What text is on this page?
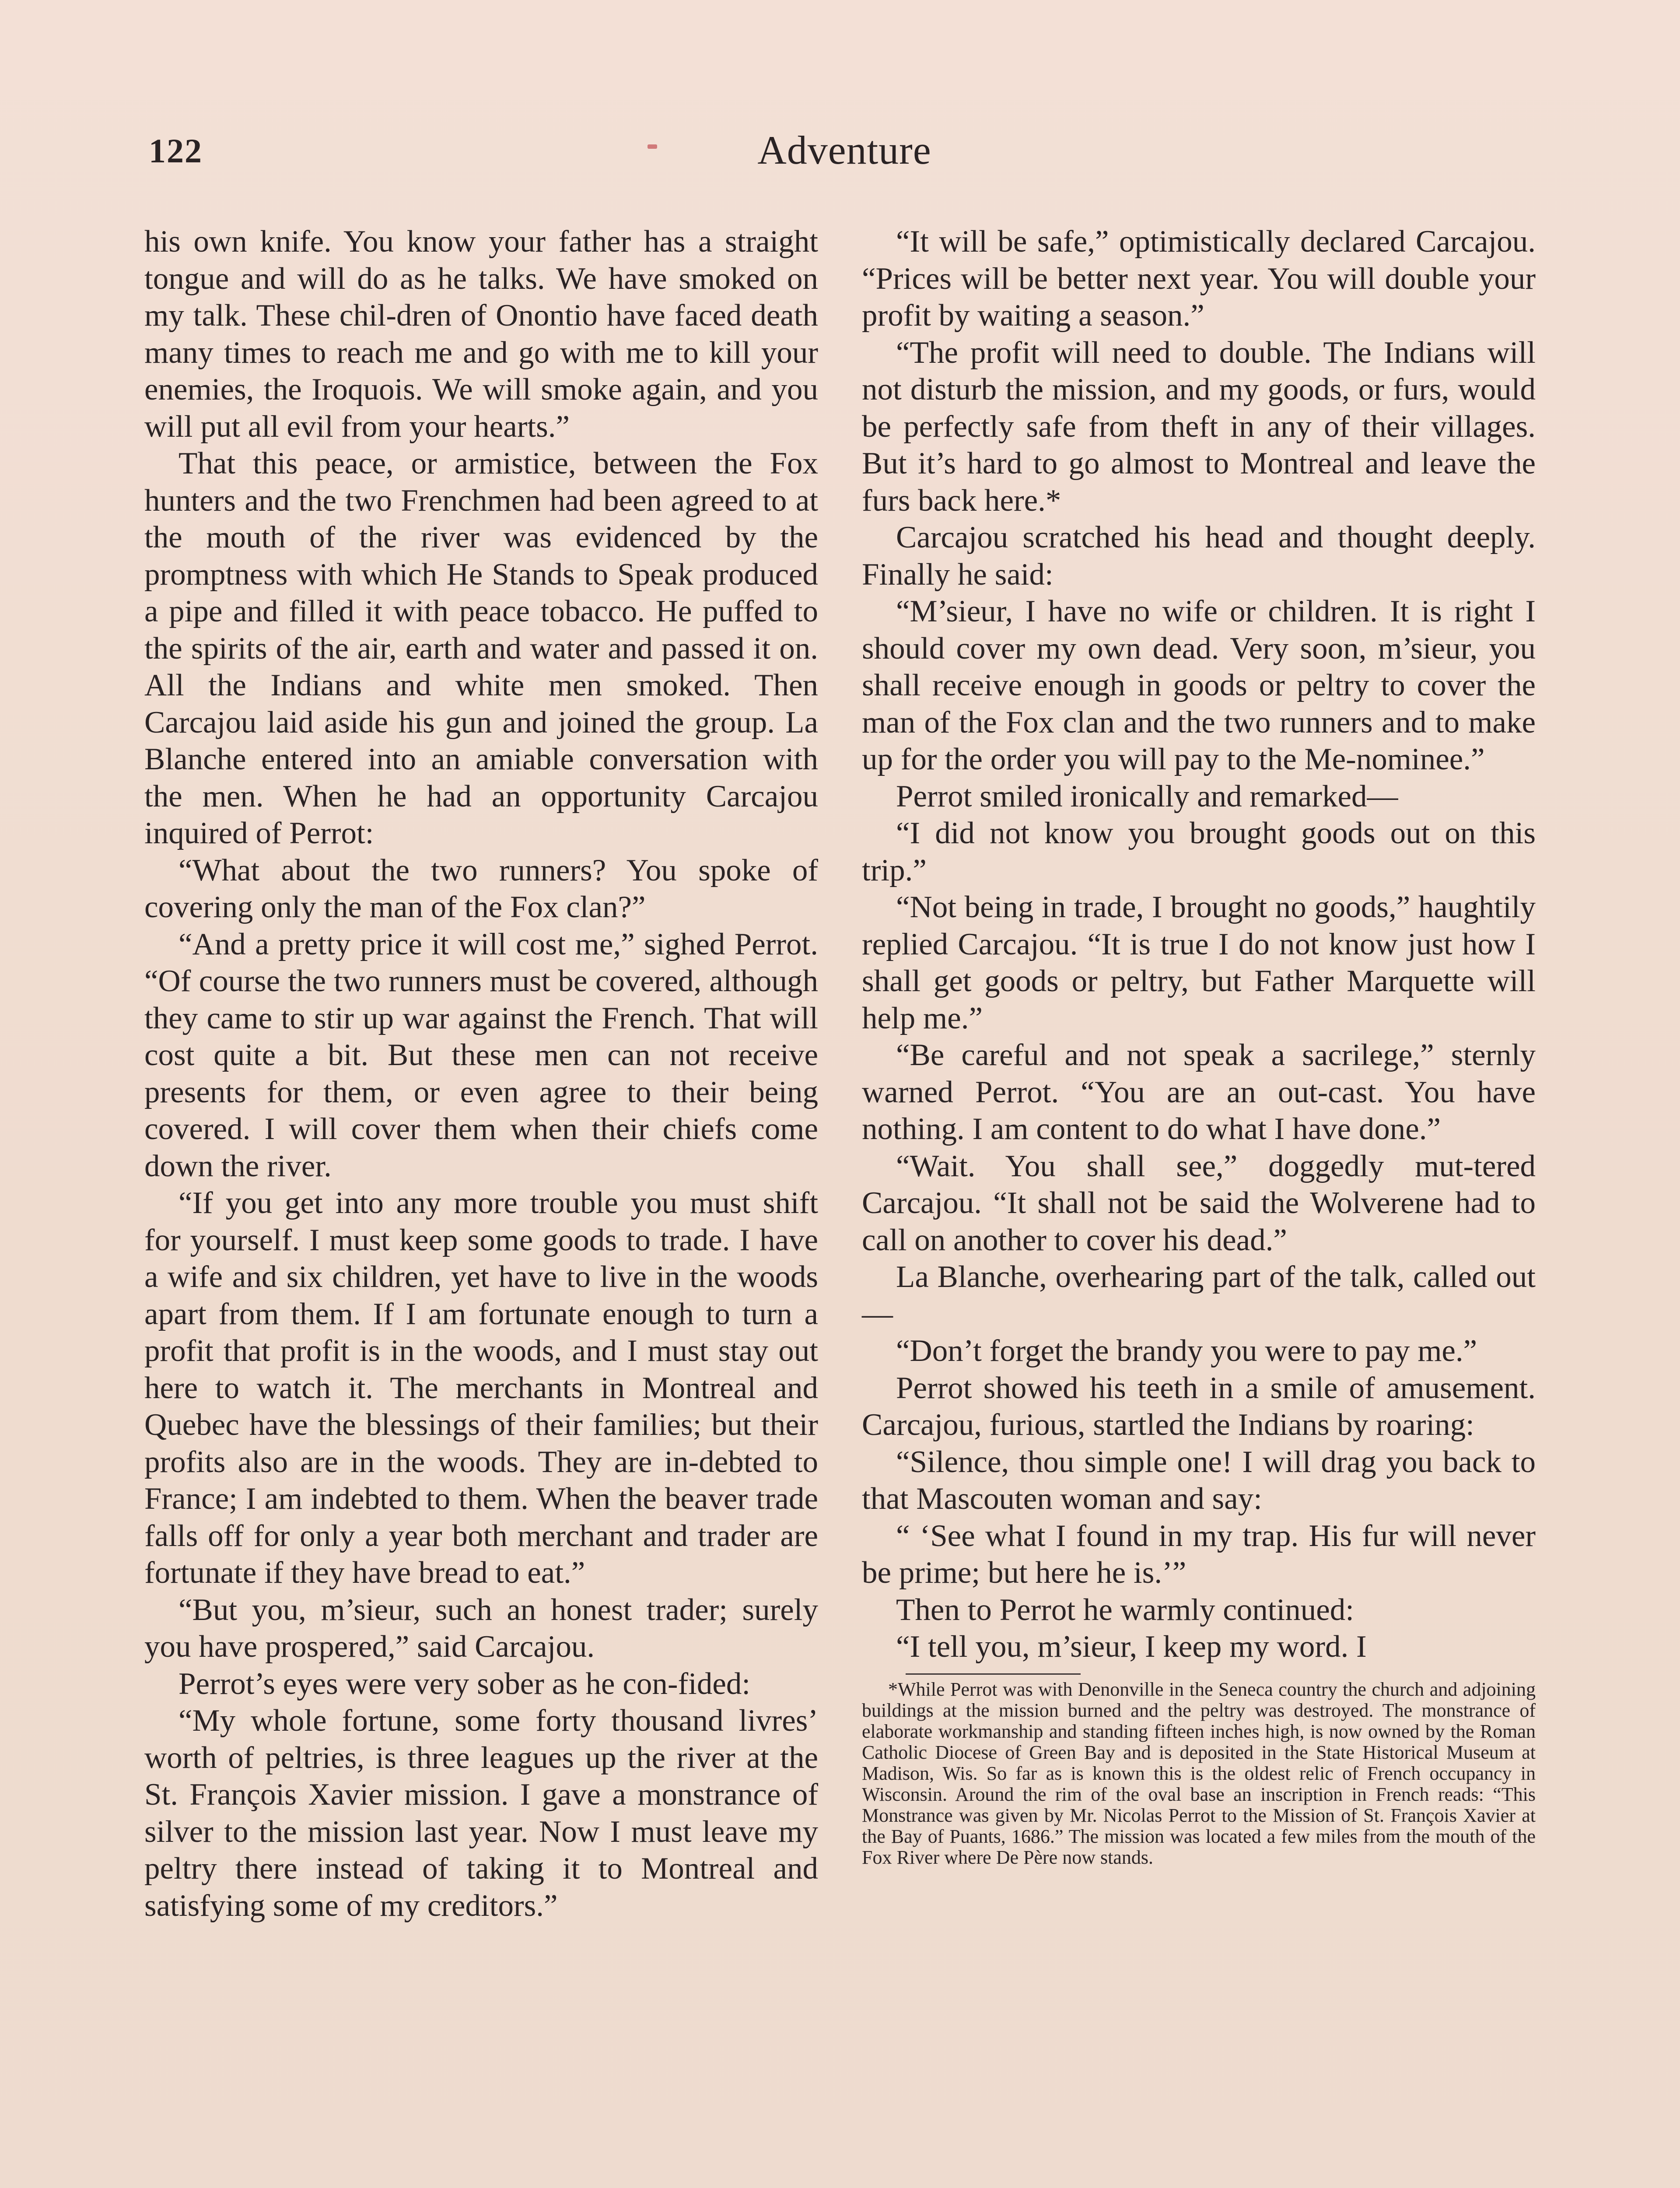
Adventure
122

his own knife. You know your father has a straight tongue and will do as he talks. We have smoked on my talk. These chil-dren of Onontio have faced death many times to reach me and go with me to kill your enemies, the Iroquois. We will smoke again, and you will put all evil from your hearts.”

That this peace, or armistice, between the Fox hunters and the two Frenchmen had been agreed to at the mouth of the river was evidenced by the promptness with which He Stands to Speak produced a pipe and filled it with peace tobacco. He puffed to the spirits of the air, earth and water and passed it on. All the Indians and white men smoked. Then Carcajou laid aside his gun and joined the group. La Blanche entered into an amiable conversation with the men. When he had an opportunity Carcajou inquired of Perrot:

“What about the two runners? You spoke of covering only the man of the Fox clan?”

“And a pretty price it will cost me,” sighed Perrot. “Of course the two runners must be covered, although they came to stir up war against the French. That will cost quite a bit. But these men can not receive presents for them, or even agree to their being covered. I will cover them when their chiefs come down the river.

“If you get into any more trouble you must shift for yourself. I must keep some goods to trade. I have a wife and six children, yet have to live in the woods apart from them. If I am fortunate enough to turn a profit that profit is in the woods, and I must stay out here to watch it. The merchants in Montreal and Quebec have the blessings of their families; but their profits also are in the woods. They are in-debted to France; I am indebted to them. When the beaver trade falls off for only a year both merchant and trader are fortunate if they have bread to eat.”

“But you, m’sieur, such an honest trader; surely you have prospered,” said Carcajou.

Perrot’s eyes were very sober as he con-fided:

“My whole fortune, some forty thousand livres’ worth of peltries, is three leagues up the river at the St. François Xavier mission. I gave a monstrance of silver to the mission last year. Now I must leave my peltry there instead of taking it to Montreal and satisfying some of my creditors.”

“It will be safe,” optimistically declared Carcajou. “Prices will be better next year. You will double your profit by waiting a season.”

“The profit will need to double. The Indians will not disturb the mission, and my goods, or furs, would be perfectly safe from theft in any of their villages. But it’s hard to go almost to Montreal and leave the furs back here.*

Carcajou scratched his head and thought deeply. Finally he said:

“M’sieur, I have no wife or children. It is right I should cover my own dead. Very soon, m’sieur, you shall receive enough in goods or peltry to cover the man of the Fox clan and the two runners and to make up for the order you will pay to the Me-nominee.”

Perrot smiled ironically and remarked—

“I did not know you brought goods out on this trip.”

“Not being in trade, I brought no goods,” haughtily replied Carcajou. “It is true I do not know just how I shall get goods or peltry, but Father Marquette will help me.”

“Be careful and not speak a sacrilege,” sternly warned Perrot. “You are an out-cast. You have nothing. I am content to do what I have done.”

“Wait. You shall see,” doggedly mut-tered Carcajou. “It shall not be said the Wolverene had to call on another to cover his dead.”

La Blanche, overhearing part of the talk, called out—

“Don’t forget the brandy you were to pay me.”

Perrot showed his teeth in a smile of amusement. Carcajou, furious, startled the Indians by roaring:

“Silence, thou simple one! I will drag you back to that Mascouten woman and say:

“ ‘See what I found in my trap. His fur will never be prime; but here he is.’”

Then to Perrot he warmly continued:

“I tell you, m’sieur, I keep my word. I

*While Perrot was with Denonville in the Seneca country the church and adjoining buildings at the mission burned and the peltry was destroyed. The monstrance of elaborate workmanship and standing fifteen inches high, is now owned by the Roman Catholic Diocese of Green Bay and is deposited in the State Historical Museum at Madison, Wis. So far as is known this is the oldest relic of French occupancy in Wisconsin. Around the rim of the oval base an inscription in French reads: “This Monstrance was given by Mr. Nicolas Perrot to the Mission of St. François Xavier at the Bay of Puants, 1686.” The mission was located a few miles from the mouth of the Fox River where De Père now stands.
